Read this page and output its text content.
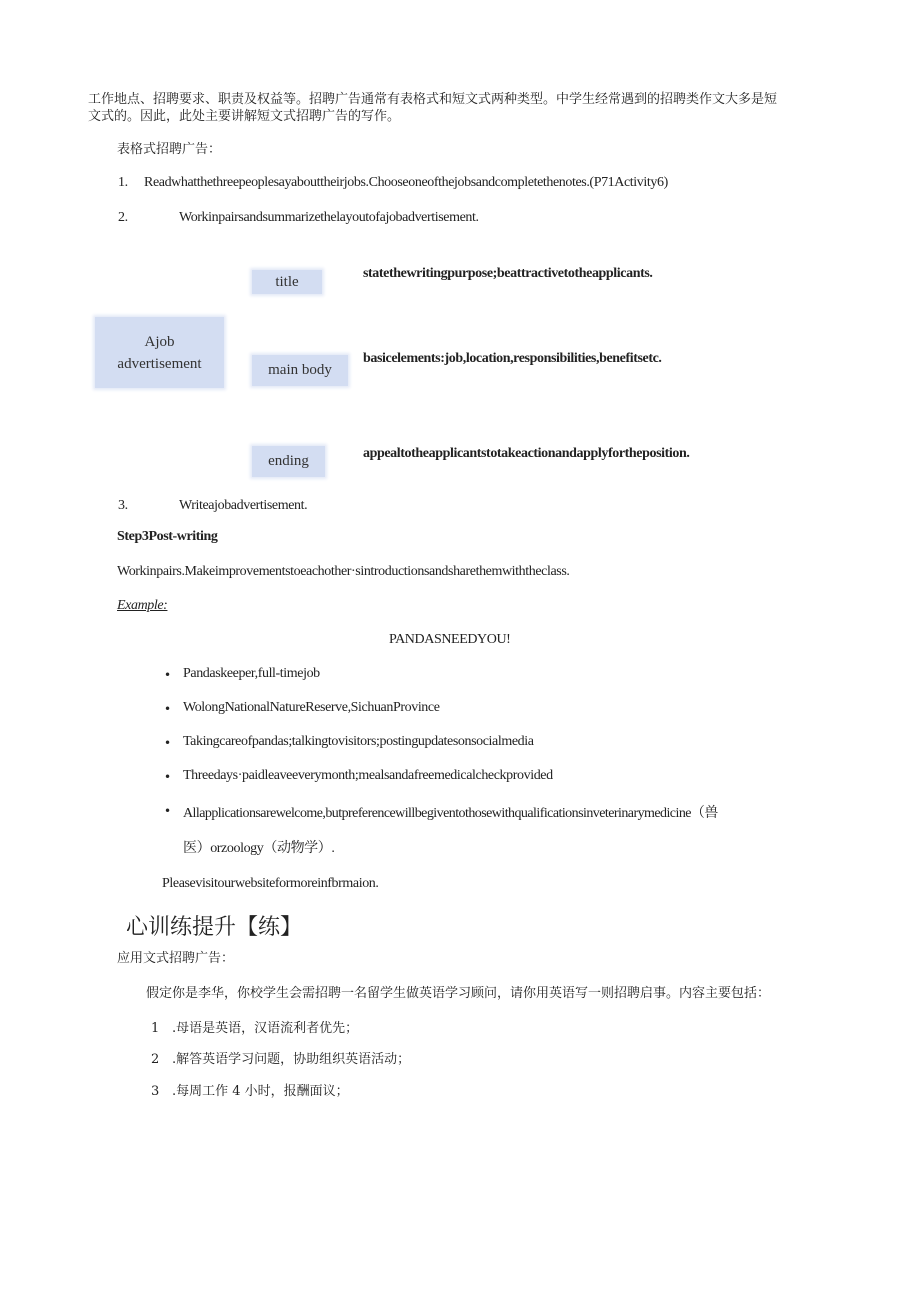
工作地点、招聘要求、职责及权益等。招聘广告通常有表格式和短文式两种类型。中学生经常遇到的招聘类作文大多是短
文式的。因此，此处主要讲解短文式招聘广告的写作。
表格式招聘广告：
1. Readwhatthethreepeoplesayabouttheirjobs.Chooseoneofthejobsandcompletethenotes.(P71Activity6)
2.	Workinpairsandsummarizethelayoutofajobadvertisement.
Ajob advertisement
title
main body
ending
statethewritingpurpose;beattractivetotheapplicants.
basicelements:job,location,responsibilities,benefitsetc.
appealtotheapplicantstotakeactionandapplyfortheposition.
3.	Writeajobadvertisement.
Step3Post-writing
Workinpairs.Makeimprovementstoeachother·sintroductionsandsharethemwiththeclass.
Example:
PANDASNEEDYOU!
• Pandaskeeper,full-timejob
• WolongNationalNatureReserve,SichuanProvince
• Takingcareofpandas;talkingtovisitors;postingupdatesonsocialmedia
• Threedays·paidleaveeverymonth;mealsandafreemedicalcheckprovided
• Allapplicationsarewelcome,butpreferencewillbegiventothosewithqualificationsinveterinarymedicine（兽
医）orzoology（动物学）.
Pleasevisitourwebsiteformoreinfbrmaion.
心训练提升【练】
应用文式招聘广告：
假定你是李华，你校学生会需招聘一名留学生做英语学习顾问，请你用英语写一则招聘启事。内容主要包括：
1 .母语是英语，汉语流利者优先；
2 .解答英语学习问题，协助组织英语活动；
3 .每周工作 4 小时，报酬面议；
